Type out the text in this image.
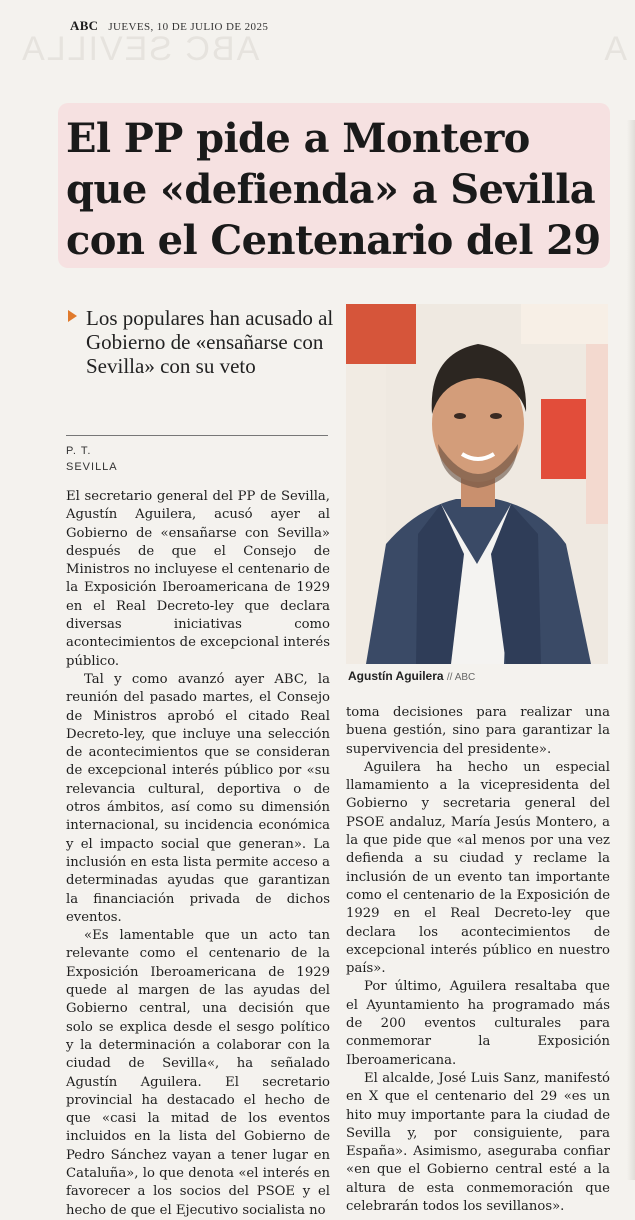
ABC SEVILLA	A
ABC JUEVES, 10 DE JULIO DE 2025
El PP pide a Montero que «defienda» a Sevilla con el Centenario del 29
Los populares han acusado al Gobierno de «ensañarse con Sevilla» con su veto
P. T.
SEVILLA
Agustín Aguilera // ABC

El secretario general del PP de Sevilla, Agustín Aguilera, acusó ayer al Gobierno de «ensañarse con Sevilla» después de que el Consejo de Ministros no incluyese el centenario de la Exposición Iberoamericana de 1929 en el Real Decreto-ley que declara diversas iniciativas como acontecimientos de excepcional interés público.

Tal y como avanzó ayer ABC, la reunión del pasado martes, el Consejo de Ministros aprobó el citado Real Decreto-ley, que incluye una selección de acontecimientos que se consideran de excepcional interés público por «su relevancia cultural, deportiva o de otros ámbitos, así como su dimensión internacional, su incidencia económica y el impacto social que generan». La inclusión en esta lista permite acceso a determinadas ayudas que garantizan la financiación privada de dichos eventos.

«Es lamentable que un acto tan relevante como el centenario de la Exposición Iberoamericana de 1929 quede al margen de las ayudas del Gobierno central, una decisión que solo se explica desde el sesgo político y la determinación a colaborar con la ciudad de Sevilla«, ha señalado Agustín Aguilera. El secretario provincial ha destacado el hecho de que «casi la mitad de los eventos incluidos en la lista del Gobierno de Pedro Sánchez vayan a tener lugar en Cataluña», lo que denota «el interés en favorecer a los socios del PSOE y el hecho de que el Ejecutivo socialista no

toma decisiones para realizar una buena gestión, sino para garantizar la supervivencia del presidente».

Aguilera ha hecho un especial llamamiento a la vicepresidenta del Gobierno y secretaria general del PSOE andaluz, María Jesús Montero, a la que pide que «al menos por una vez defienda a su ciudad y reclame la inclusión de un evento tan importante como el centenario de la Exposición de 1929 en el Real Decreto-ley que declara los acontecimientos de excepcional interés público en nuestro país».

Por último, Aguilera resaltaba que el Ayuntamiento ha programado más de 200 eventos culturales para conmemorar la Exposición Iberoamericana.

El alcalde, José Luis Sanz, manifestó en X que el centenario del 29 «es un hito muy importante para la ciudad de Sevilla y, por consiguiente, para España». Asimismo, aseguraba confiar «en que el Gobierno central esté a la altura de esta conmemoración que celebrarán todos los sevillanos».
